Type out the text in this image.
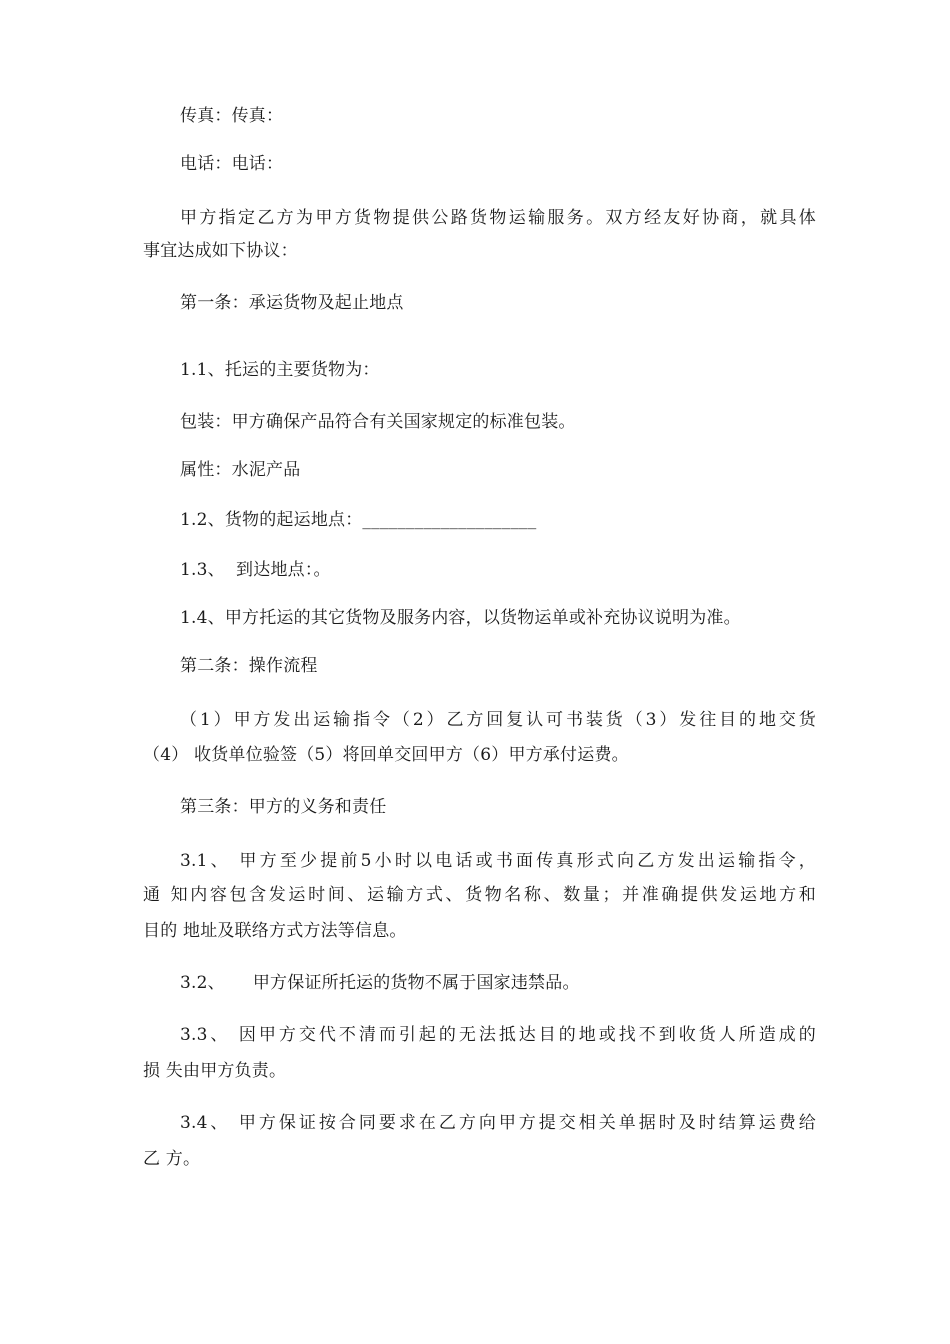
传真：传真：
电话：电话：
甲方指定乙方为甲方货物提供公路货物运输服务。双方经友好协商，就具体
事宜达成如下协议：
第一条：承运货物及起止地点
1.1、托运的主要货物为：
包装：甲方确保产品符合有关国家规定的标准包装。
属性：水泥产品
1.2、货物的起运地点：____________________
1.3、  到达地点：。
1.4、甲方托运的其它货物及服务内容，以货物运单或补充协议说明为准。
第二条：操作流程
（1）甲方发出运输指令（2）乙方回复认可书装货（3）发往目的地交货
（4） 收货单位验签（5）将回单交回甲方（6）甲方承付运费。
第三条：甲方的义务和责任
3.1、 甲方至少提前5小时以电话或书面传真形式向乙方发出运输指令，
通 知内容包含发运时间、运输方式、货物名称、数量；并准确提供发运地方和
目的 地址及联络方式方法等信息。
3.2、     甲方保证所托运的货物不属于国家违禁品。
3.3、 因甲方交代不清而引起的无法抵达目的地或找不到收货人所造成的
损 失由甲方负责。
3.4、 甲方保证按合同要求在乙方向甲方提交相关单据时及时结算运费给
乙 方。
